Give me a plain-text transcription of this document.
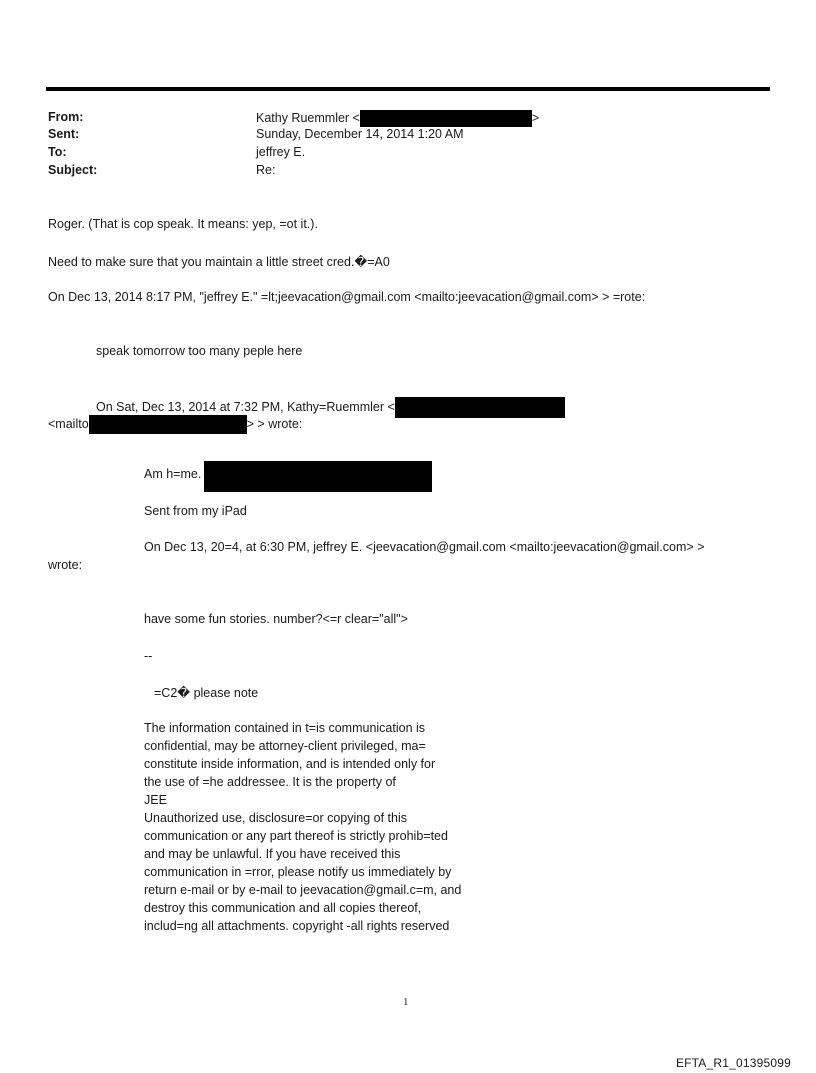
From:	Kathy Ruemmler <	>
Sent:	Sunday, December 14, 2014 1:20 AM
To:	jeffrey E.
Subject:	Re:
Roger. (That is cop speak. It means: yep, =ot it.).
Need to make sure that you maintain a little street cred.�=A0
On Dec 13, 2014 8:17 PM, "jeffrey E." =lt;jeevacation@gmail.com <mailto:jeevacation@gmail.com> > =rote:
speak tomorrow too many peple here
On Sat, Dec 13, 2014 at 7:32 PM, Kathy=Ruemmler <
<mailto	> > wrote:
Am h=me.
Sent from my iPad
On Dec 13, 20=4, at 6:30 PM, jeffrey E. <jeevacation@gmail.com <mailto:jeevacation@gmail.com> >
wrote:
have some fun stories. number?<=r clear="all">
--
=C2� please note
The information contained in t=is communication is
confidential, may be attorney-client privileged, ma=
constitute inside information, and is intended only for
the use of =he addressee. It is the property of
JEE
Unauthorized use, disclosure=or copying of this
communication or any part thereof is strictly prohib=ted
and may be unlawful. If you have received this
communication in =rror, please notify us immediately by
return e-mail or by e-mail to jeevacation@gmail.c=m, and
destroy this communication and all copies thereof,
includ=ng all attachments. copyright -all rights reserved
1
EFTA_R1_01395099
